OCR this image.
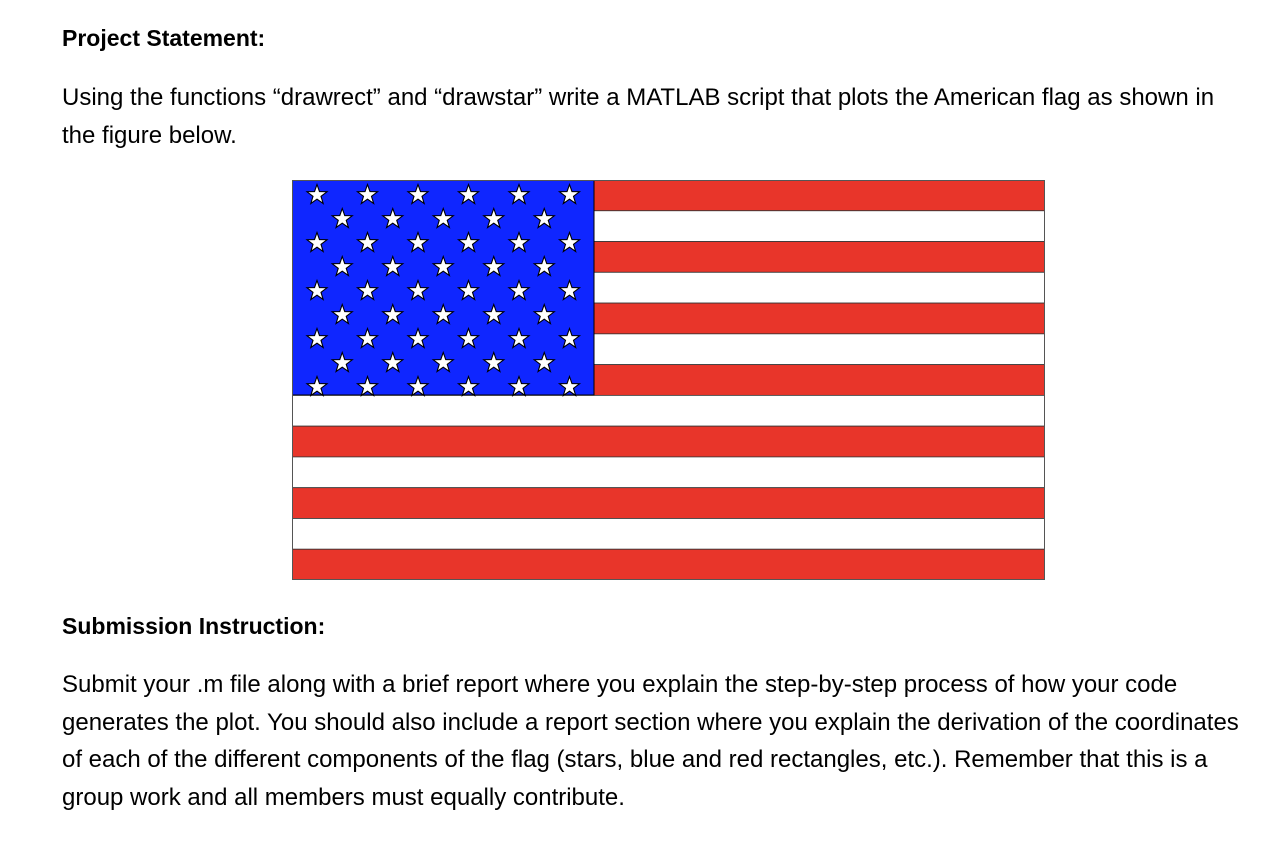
Project Statement:

Using the functions “drawrect” and “drawstar” write a MATLAB script that plots the American flag as shown in the figure below.

Submission Instruction:

Submit your .m file along with a brief report where you explain the step-by-step process of how your code generates the plot. You should also include a report section where you explain the derivation of the coordinates of each of the different components of the flag (stars, blue and red rectangles, etc.). Remember that this is a group work and all members must equally contribute.
